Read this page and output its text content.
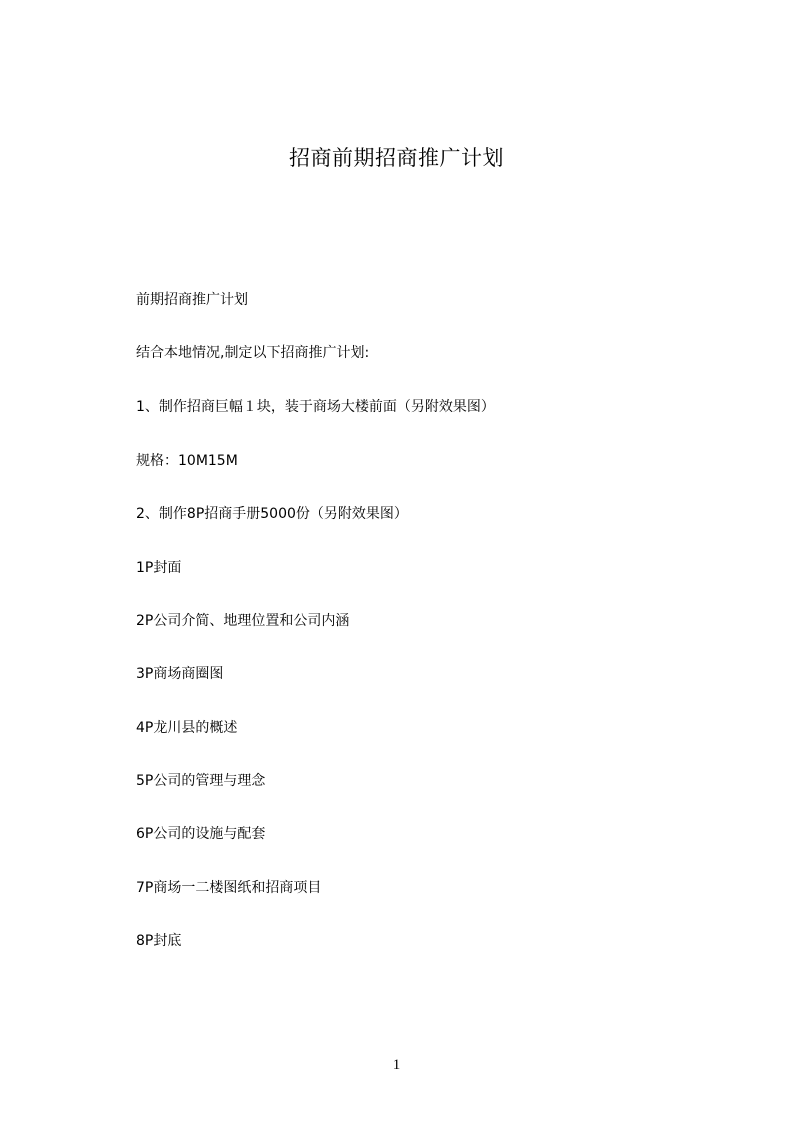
招商前期招商推广计划
前期招商推广计划
结合本地情况,制定以下招商推广计划:
1、制作招商巨幅１块，装于商场大楼前面（另附效果图）
规格：10M15M
2、制作8P招商手册5000份（另附效果图）
1P封面
2P公司介简、地理位置和公司内涵
3P商场商圈图
4P龙川县的概述
5P公司的管理与理念
6P公司的设施与配套
7P商场一二楼图纸和招商项目
8P封底
1
